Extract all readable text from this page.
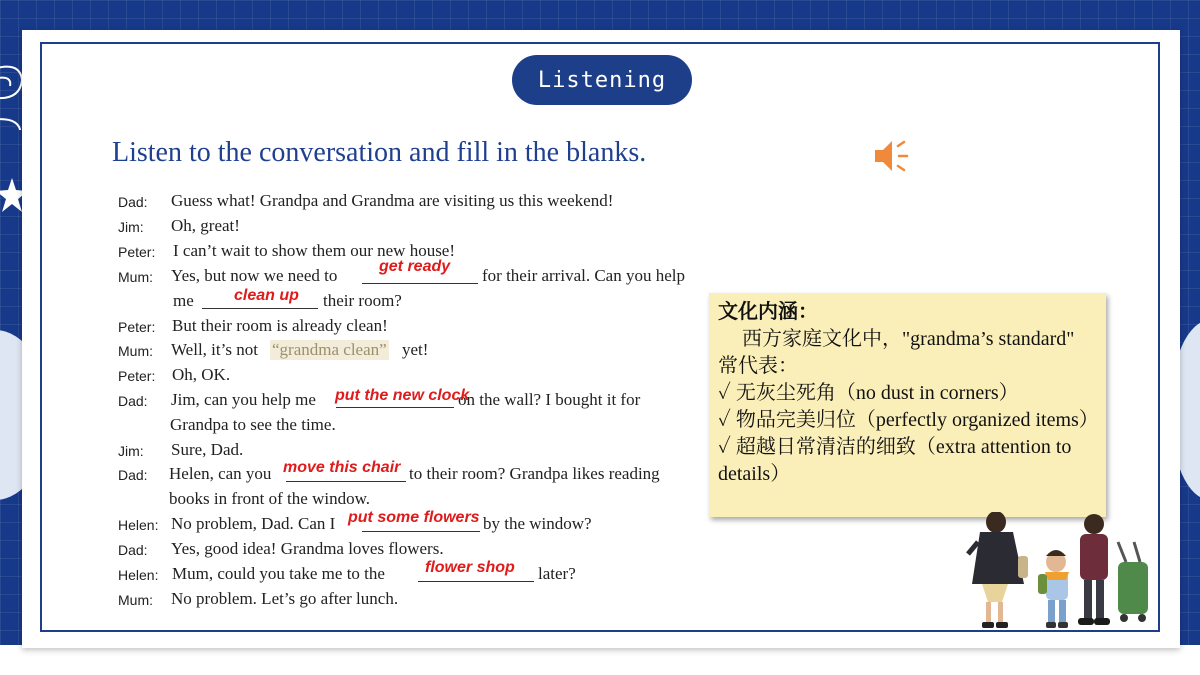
Listening
Listen to the conversation and fill in the blanks.
Dad: Guess what! Grandpa and Grandma are visiting us this weekend!
Jim: Oh, great!
Peter: I can’t wait to show them our new house!
Mum: Yes, but now we need to	for their arrival. Can you help
me	their room?
Peter: But their room is already clean!
Mum: Well, it’s not “grandma clean” yet!
Peter: Oh, OK.
Dad: Jim, can you help me	on the wall? I bought it for
Grandpa to see the time.
Jim: Sure, Dad.
Dad: Helen, can you	to their room? Grandpa likes reading
books in front of the window.
Helen: No problem, Dad. Can I	by the window?
Dad: Yes, good idea! Grandma loves flowers.
Helen: Mum, could you take me to the	later?
Mum: No problem. Let’s go after lunch.
get ready
clean up
put the new clock
move this chair
put some flowers
flower shop

文化内涵：

西方家庭文化中，"grandma’s standard" 常代表：

✓ 无灰尘死角（no dust in corners）

✓ 物品完美归位（perfectly organized items）

✓ 超越日常清洁的细致（extra attention to details）
